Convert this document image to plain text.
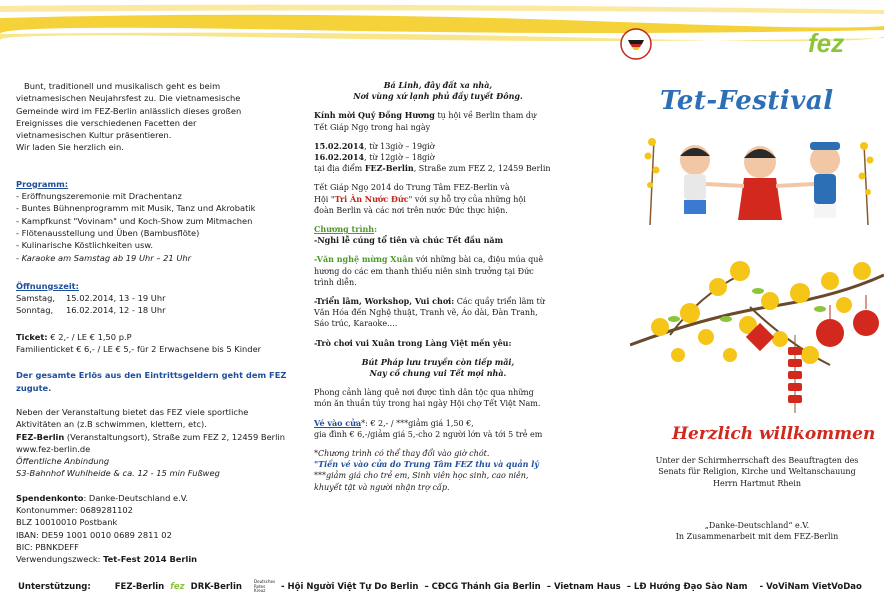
fez
Bunt, traditionell und musikalisch geht es beim
vietnamesischen Neujahrsfest zu. Die vietnamesische
Gemeinde wird im FEZ-Berlin anlässlich dieses großen
Ereignisses die verschiedenen Facetten der
vietnamesischen Kultur präsentieren.
Wir laden Sie herzlich ein.
Programm:
- Eröffnungszeremonie mit Drachentanz
- Buntes Bühnenprogramm mit Musik, Tanz und Akrobatik
- Kampfkunst "Vovinam" und Koch-Show zum Mitmachen
- Flötenausstellung und Üben (Bambusflöte)
- Kulinarische Köstlichkeiten usw.
- Karaoke am Samstag ab 19 Uhr – 21 Uhr
Öffnungszeit:
Samstag,	15.02.2014, 13 - 19 Uhr
Sonntag,	16.02.2014, 12 - 18 Uhr
Ticket: € 2,- / LE € 1,50 p.P
Familienticket € 6,- / LE € 5,- für 2 Erwachsene bis 5 Kinder
Der gesamte Erlös aus den Eintrittsgeldern geht dem FEZ zugute.
Neben der Veranstaltung bietet das FEZ viele sportliche
Aktivitäten an (z.B schwimmen, klettern, etc).
FEZ-Berlin (Veranstaltungsort), Straße zum FEZ 2, 12459 Berlin
www.fez-berlin.de
Öffentliche Anbindung
S3-Bahnhof Wuhlheide & ca. 12 - 15 min Fußweg
Spendenkonto: Danke-Deutschland e.V.
Kontonummer: 0689281102
BLZ 10010010 Postbank
IBAN: DE59 1001 0010 0689 2811 02
BIC: PBNKDEFF
Verwendungszweck: Tet-Fest 2014 Berlin
Bá Linh, đây đất xa nhà,
Nơi vùng xứ lạnh phủ đầy tuyết Đông.
Kính mời Quý Đồng Hương tụ hội về Berlin tham dự
Tết Giáp Ngọ trong hai ngày
15.02.2014, từ 13giờ – 19giờ
16.02.2014, từ 12giờ – 18giờ
tại địa điểm FEZ-Berlin, Straße zum FEZ 2, 12459 Berlin
Tết Giáp Ngọ 2014 do Trung Tâm FEZ-Berlin và
Hội "Tri Ân Nước Đức" với sự hỗ trợ của những hội
đoàn Berlin và các nơi trên nước Đức thực hiện.
Chương trình:
-Nghi lễ cúng tổ tiên và chúc Tết đầu năm
-Văn nghệ mừng Xuân với những bài ca, điệu múa quê
hương do các em thanh thiếu niên sinh trưởng tại Đức
trình diễn.
-Triển lãm, Workshop, Vui chơi: Các quầy triển lãm từ
Văn Hóa đến Nghệ thuật, Tranh vẽ, Áo dài, Đàn Tranh,
Sáo trúc, Karaoke....
-Trò chơi vui Xuân trong Làng Việt mến yêu:
Bút Pháp lưu truyền còn tiếp mãi,
Nay cố chung vui Tết mọi nhà.
Phong cảnh làng quê nơi được tình dân tộc qua những
món ăn thuần túy trong hai ngày Hội chợ Tết Việt Nam.
Vé vào cửa*: € 2,- / ***giảm giá 1,50 €,
gia đình € 6,-/giảm giá 5,-cho 2 người lớn và tới 5 trẻ em
*Chương trình có thể thay đổi vào giờ chót.
"Tiền vé vào cửa do Trung Tâm FEZ thu và quản lý
***giảm giá cho trẻ em, Sinh viên học sinh, cao niên,
khuyết tật và người nhận trợ cấp.
Tet-Festival
Herzlich willkommen
Unter der Schirmherrschaft des Beauftragten des
Senats für Religion, Kirche und Weltanschauung
Herrn Hartmut Rhein
„Danke-Deutschland“ e.V.
In Zusammenarbeit mit dem FEZ-Berlin
Unterstützung:	FEZ-Berlin fez DRK-Berlin
Deutsches
Rotes
Kreuz	- Hội Người Việt Tự Do Berlin – CĐCG Thánh Gia Berlin – Vietnam Haus – LĐ Hướng Đạo Sào Nam - VoViNam VietVoDao
